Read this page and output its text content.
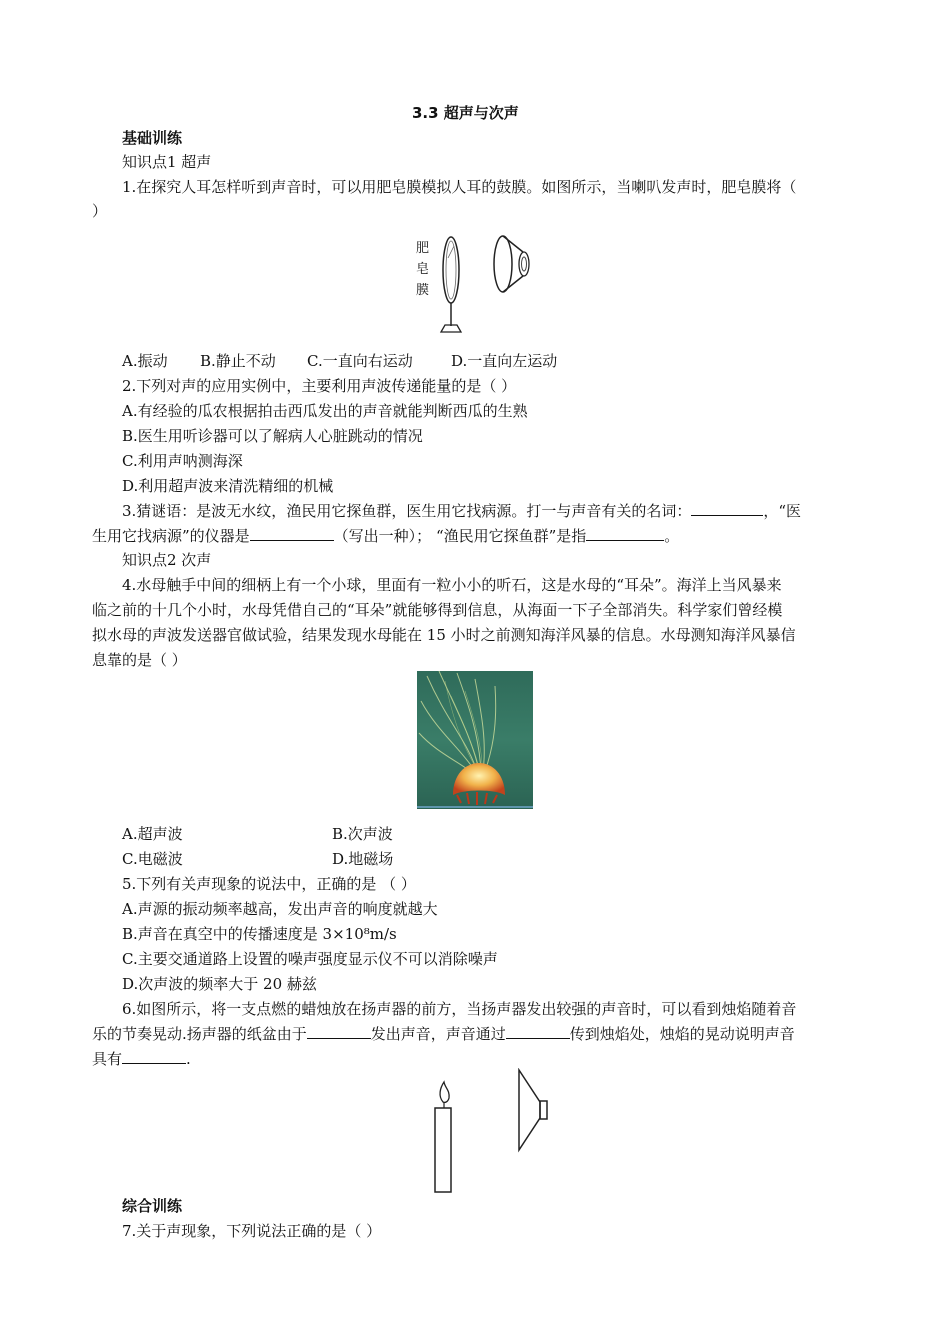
3.3 超声与次声
基础训练
知识点1 超声
1.在探究人耳怎样听到声音时，可以用肥皂膜模拟人耳的鼓膜。如图所示，当喇叭发声时，肥皂膜将（
）
肥
皂
膜
A.振动 B.静止不动 C.一直向右运动	D.一直向左运动
2.下列对声的应用实例中，主要利用声波传递能量的是（ ）
A.有经验的瓜农根据拍击西瓜发出的声音就能判断西瓜的生熟
B.医生用听诊器可以了解病人心脏跳动的情况
C.利用声呐测海深
D.利用超声波来清洗精细的机械
3.猜谜语：是波无水纹，渔民用它探鱼群，医生用它找病源。打一与声音有关的名词：	，“医
生用它找病源”的仪器是	（写出一种）； “渔民用它探鱼群”是指	。
知识点2 次声
4.水母触手中间的细柄上有一个小球，里面有一粒小小的听石，这是水母的“耳朵”。海洋上当风暴来
临之前的十几个小时，水母凭借自己的“耳朵”就能够得到信息，从海面一下子全部消失。科学家们曾经模
拟水母的声波发送器官做试验，结果发现水母能在 15 小时之前测知海洋风暴的信息。水母测知海洋风暴信
息靠的是（ ）
A.超声波	B.次声波
C.电磁波	D.地磁场
5.下列有关声现象的说法中，正确的是 （ ）
A.声源的振动频率越高，发出声音的响度就越大
B.声音在真空中的传播速度是 3×10⁸m/s
C.主要交通道路上设置的噪声强度显示仪不可以消除噪声
D.次声波的频率大于 20 赫兹
6.如图所示，将一支点燃的蜡烛放在扬声器的前方，当扬声器发出较强的声音时，可以看到烛焰随着音
乐的节奏晃动.扬声器的纸盆由于	发出声音，声音通过	传到烛焰处，烛焰的晃动说明声音
具有	.
综合训练
7.关于声现象，下列说法正确的是（ ）
